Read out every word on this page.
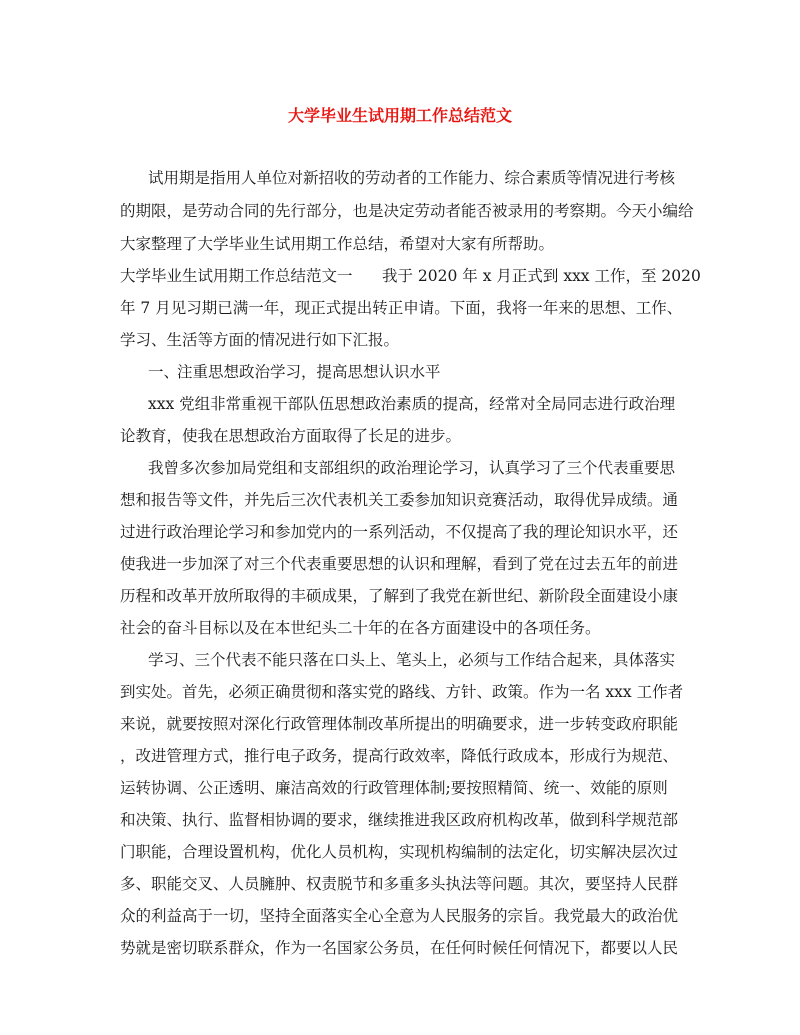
大学毕业生试用期工作总结范文

试用期是指用人单位对新招收的劳动者的工作能力、综合素质等情况进行考核

的期限，是劳动合同的先行部分，也是决定劳动者能否被录用的考察期。今天小编给

大家整理了大学毕业生试用期工作总结，希望对大家有所帮助。

大学毕业生试用期工作总结范文一 我于 2020 年 x 月正式到 xxx 工作，至 2020

年 7 月见习期已满一年，现正式提出转正申请。下面，我将一年来的思想、工作、

学习、生活等方面的情况进行如下汇报。

一、 注重思想政治学习，提高思想认识水平

xxx 党组非常重视干部队伍思想政治素质的提高，经常对全局同志进行政治理

论教育，使我在思想政治方面取得了长足的进步。

我曾多次参加局党组和支部组织的政治理论学习，认真学习了三个代表重要思

想和报告等文件，并先后三次代表机关工委参加知识竞赛活动，取得优异成绩。通

过进行政治理论学习和参加党内的一系列活动，不仅提高了我的理论知识水平，还

使我进一步加深了对三个代表重要思想的认识和理解，看到了党在过去五年的前进

历程和改革开放所取得的丰硕成果，了解到了我党在新世纪、新阶段全面建设小康

社会的奋斗目标以及在本世纪头二十年的在各方面建设中的各项任务。

学习、三个代表不能只落在口头上、笔头上，必须与工作结合起来，具体落实

到实处。首先，必须正确贯彻和落实党的路线、方针、政策。作为一名 xxx 工作者

来说，就要按照对深化行政管理体制改革所提出的明确要求，进一步转变政府职能

，改进管理方式，推行电子政务，提高行政效率，降低行政成本，形成行为规范、

运转协调、公正透明、廉洁高效的行政管理体制;要按照精简、统一、效能的原则

和决策、执行、监督相协调的要求，继续推进我区政府机构改革，做到科学规范部

门职能，合理设置机构，优化人员机构，实现机构编制的法定化，切实解决层次过

多、职能交叉、人员臃肿、权责脱节和多重多头执法等问题。其次，要坚持人民群

众的利益高于一切，坚持全面落实全心全意为人民服务的宗旨。我党最大的政治优

势就是密切联系群众，作为一名国家公务员，在任何时候任何情况下，都要以人民
